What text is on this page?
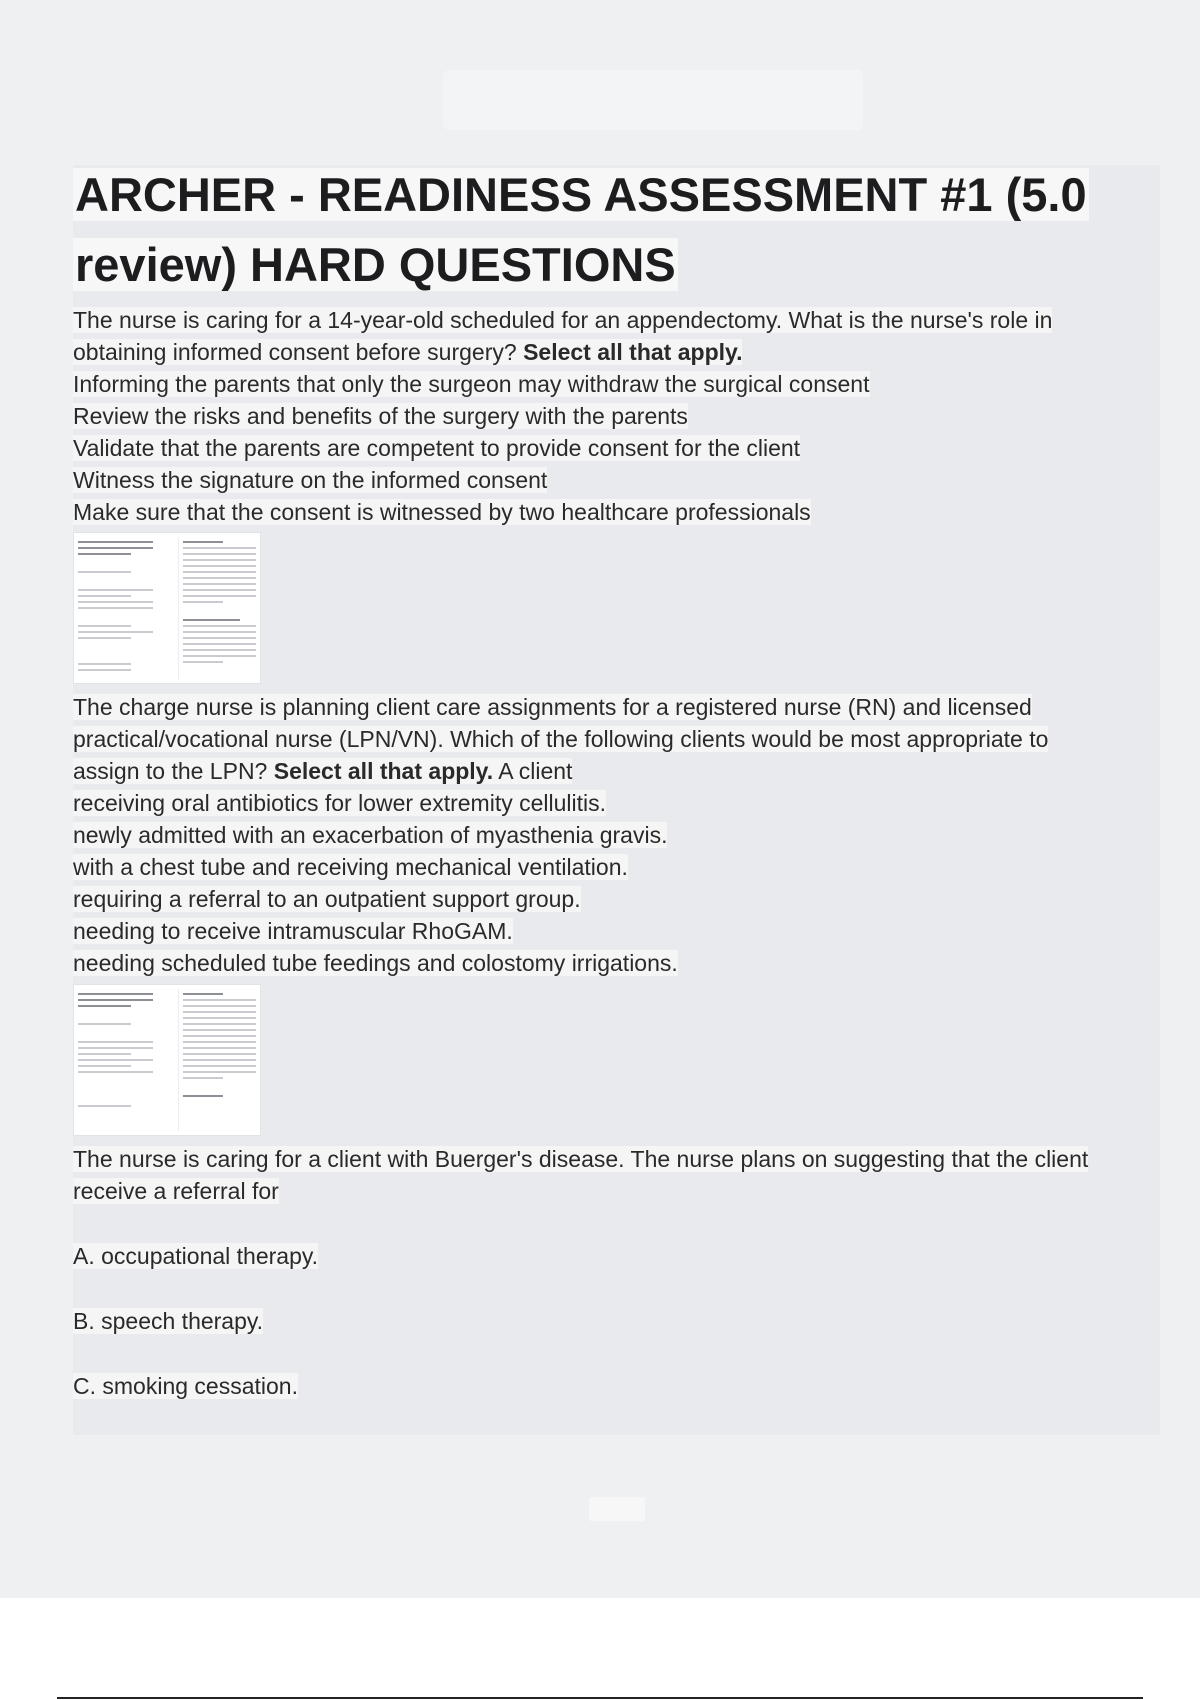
ARCHER - READINESS ASSESSMENT #1 (5.0
review) HARD QUESTIONS

The nurse is caring for a 14-year-old scheduled for an appendectomy. What is the nurse's role in

obtaining informed consent before surgery? Select all that apply.

Informing the parents that only the surgeon may withdraw the surgical consent

Review the risks and benefits of the surgery with the parents

Validate that the parents are competent to provide consent for the client

Witness the signature on the informed consent

Make sure that the consent is witnessed by two healthcare professionals

The charge nurse is planning client care assignments for a registered nurse (RN) and licensed

practical/vocational nurse (LPN/VN). Which of the following clients would be most appropriate to

assign to the LPN? Select all that apply. A client

receiving oral antibiotics for lower extremity cellulitis.

newly admitted with an exacerbation of myasthenia gravis.

with a chest tube and receiving mechanical ventilation.

requiring a referral to an outpatient support group.

needing to receive intramuscular RhoGAM.

needing scheduled tube feedings and colostomy irrigations.

The nurse is caring for a client with Buerger's disease. The nurse plans on suggesting that the client

receive a referral for

A. occupational therapy.

B. speech therapy.

C. smoking cessation.
